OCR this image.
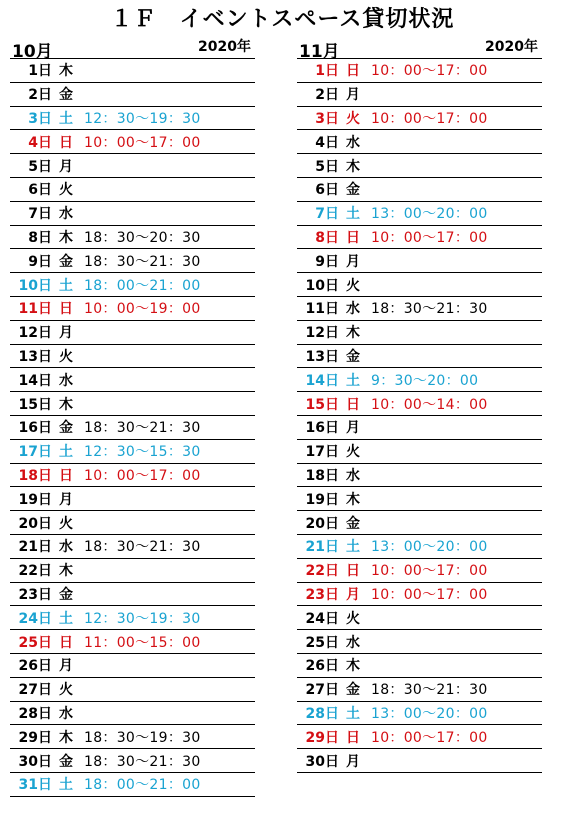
１Ｆ　イベントスペース貸切状況
10月	2020年
1日 木
2日 金
3日 土 12：30～19：30
4日 日 10：00～17：00
5日 月
6日 火
7日 水
8日 木 18：30～20：30
9日 金 18：30～21：30
10日 土 18：00～21：00
11日 日 10：00～19：00
12日 月
13日 火
14日 水
15日 木
16日 金 18：30～21：30
17日 土 12：30～15：30
18日 日 10：00～17：00
19日 月
20日 火
21日 水 18：30～21：30
22日 木
23日 金
24日 土 12：30～19：30
25日 日 11：00～15：00
26日 月
27日 火
28日 水
29日 木 18：30～19：30
30日 金 18：30～21：30
31日 土 18：00～21：00
11月	2020年
1日 日 10：00～17：00
2日 月
3日 火 10：00～17：00
4日 水
5日 木
6日 金
7日 土 13：00～20：00
8日 日 10：00～17：00
9日 月
10日 火
11日 水 18：30～21：30
12日 木
13日 金
14日 土 9：30～20：00
15日 日 10：00～14：00
16日 月
17日 火
18日 水
19日 木
20日 金
21日 土 13：00～20：00
22日 日 10：00～17：00
23日 月 10：00～17：00
24日 火
25日 水
26日 木
27日 金 18：30～21：30
28日 土 13：00～20：00
29日 日 10：00～17：00
30日 月
